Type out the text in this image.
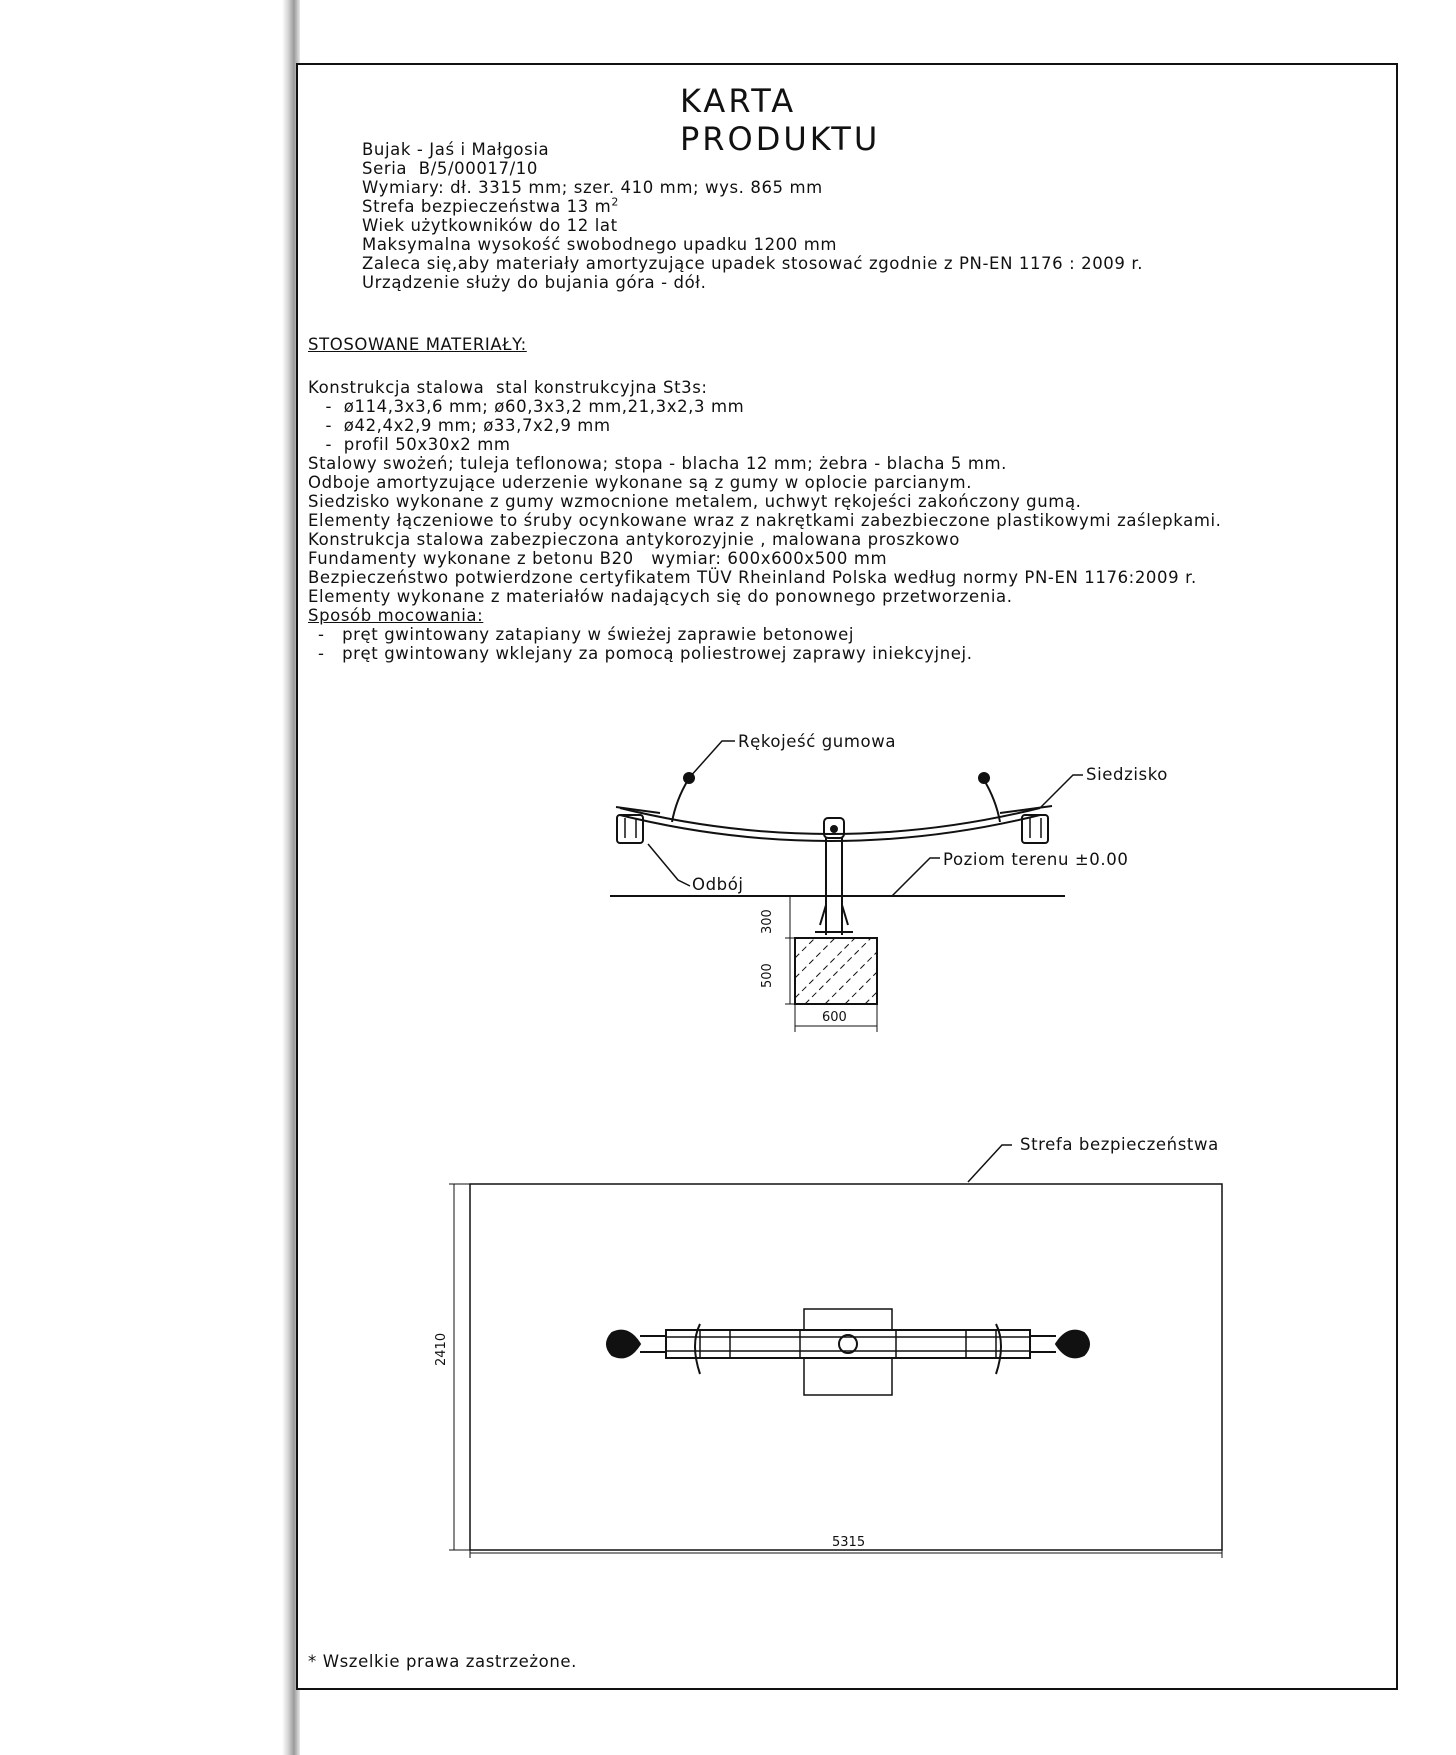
KARTA PRODUKTU
Bujak - Jaś i Małgosia
Seria  B/5/00017/10
Wymiary: dł. 3315 mm; szer. 410 mm; wys. 865 mm
Strefa bezpieczeństwa 13 $m^2$
Wiek użytkowników do 12 lat
Maksymalna wysokość swobodnego upadku 1200 mm
Zaleca się,aby materiały amortyzujące upadek stosować zgodnie z PN-EN 1176 : 2009 r.
Urządzenie służy do bujania góra - dół.
STOSOWANE MATERIAŁY:
Konstrukcja stalowa  stal konstrukcyjna St3s:
-  ø114,3x3,6 mm; ø60,3x3,2 mm,21,3x2,3 mm
-  ø42,4x2,9 mm; ø33,7x2,9 mm
-  profil 50x30x2 mm
Stalowy swożeń; tuleja teflonowa; stopa - blacha 12 mm; żebra - blacha 5 mm.
Odboje amortyzujące uderzenie wykonane są z gumy w oplocie parcianym.
Siedzisko wykonane z gumy wzmocnione metalem, uchwyt rękojeści zakończony gumą.
Elementy łączeniowe to śruby ocynkowane wraz z nakrętkami zabezbieczone plastikowymi zaślepkami.
Konstrukcja stalowa zabezpieczona antykorozyjnie , malowana proszkowo
Fundamenty wykonane z betonu B20   wymiar: 600x600x500 mm
Bezpieczeństwo potwierdzone certyfikatem TÜV Rheinland Polska według normy PN-EN 1176:2009 r.
Elementy wykonane z materiałów nadających się do ponownego przetworzenia.
Sposób mocowania:
-   pręt gwintowany zatapiany w świeżej zaprawie betonowej
-   pręt gwintowany wklejany za pomocą poliestrowej zaprawy iniekcyjnej.
Rękojeść gumowa
Siedzisko
Odbój
Poziom terenu ±0.00
300
500
600
Strefa bezpieczeństwa
2410
5315
* Wszelkie prawa zastrzeżone.
